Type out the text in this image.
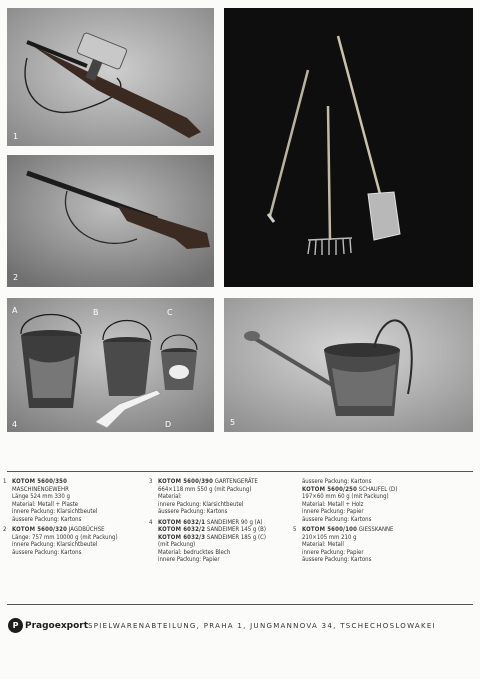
1
2
A	B	C
D
4	5
1 KOTOM 5600/350
MASCHINENGEWEHR
Länge 524 mm 330 g
Material: Metall + Plaste
innere Packung: Klarsichtbeutel
äussere Packung: Kartons
2 KOTOM 5600/320 JAGDBÜCHSE
Länge: 757 mm 10000 g (mit Packung)
innere Packung: Klarsichtbeutel
äussere Packung: Kartons
3 KOTOM 5600/390 GARTENGERÄTE
664×118 mm 550 g (mit Packung)
Material:
innere Packung: Klarsichtbeutel
äussere Packung: Kartons
4 KOTOM 6032/1 SANDEIMER 90 g (A)
KOTOM 6032/2 SANDEIMER 145 g (B)
KOTOM 6032/3 SANDEIMER 185 g (C)
(mit Packung)
Material: bedrucktes Blech
innere Packung: Papier
äussere Packung: Kartons
KOTOM 5600/250 SCHAUFEL (D)
197×60 mm 60 g (mit Packung)
Material: Metall + Holz
innere Packung: Papier
äussere Packung: Kartons
5 KOTOM 5600/100 GIESSKANNE
210×105 mm 210 g
Material: Metall
innere Packung: Papier
äussere Packung: Kartons
P Pragoexport SPIELWARENABTEILUNG, PRAHA 1, JUNGMANNOVA 34, TSCHECHOSLOWAKEI
